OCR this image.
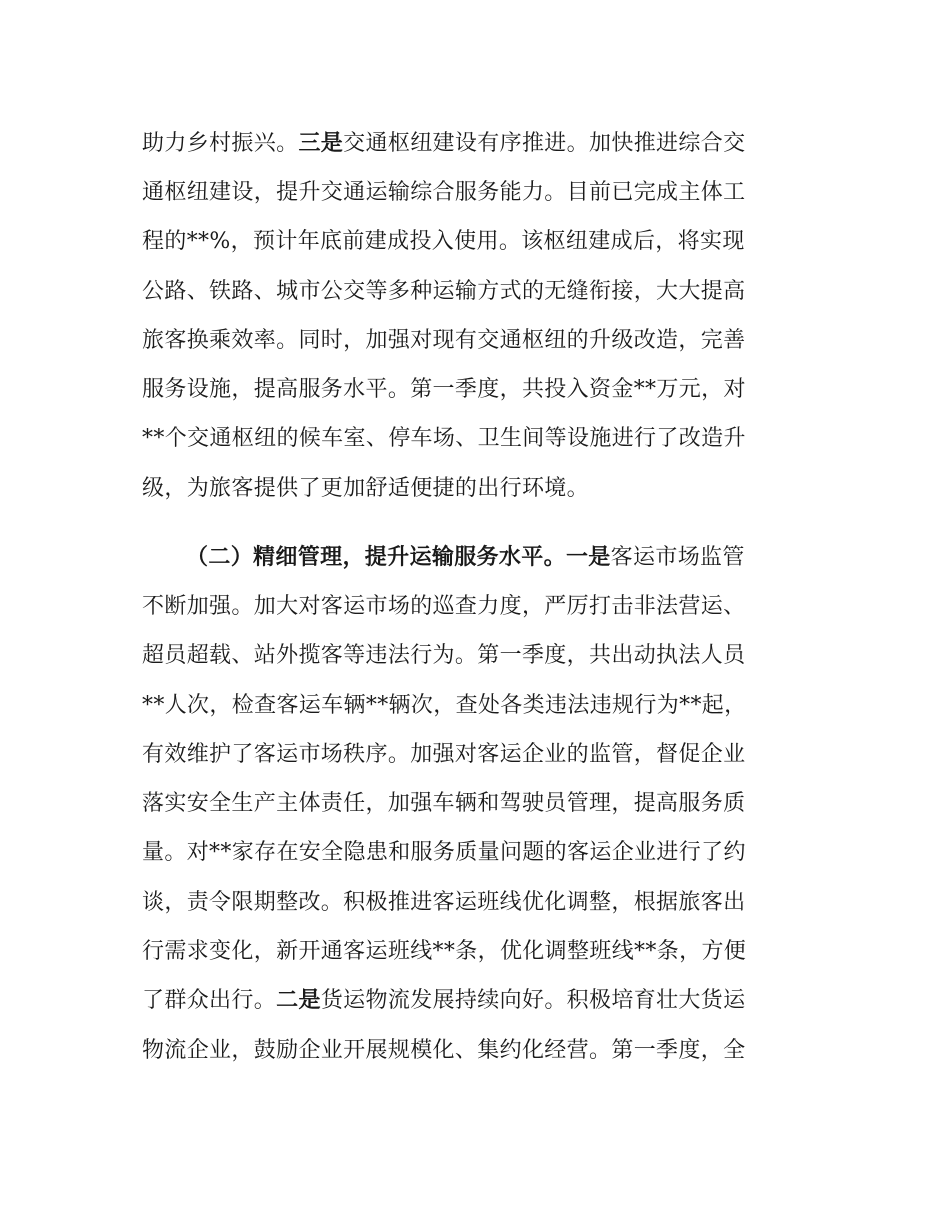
助力乡村振兴。三是交通枢纽建设有序推进。加快推进综合交
通枢纽建设，提升交通运输综合服务能力。目前已完成主体工
程的**%，预计年底前建成投入使用。该枢纽建成后，将实现
公路、铁路、城市公交等多种运输方式的无缝衔接，大大提高
旅客换乘效率。同时，加强对现有交通枢纽的升级改造，完善
服务设施，提高服务水平。第一季度，共投入资金**万元，对
**个交通枢纽的候车室、停车场、卫生间等设施进行了改造升
级，为旅客提供了更加舒适便捷的出行环境。
（二）精细管理，提升运输服务水平。一是客运市场监管
不断加强。加大对客运市场的巡查力度，严厉打击非法营运、
超员超载、站外揽客等违法行为。第一季度，共出动执法人员
**人次，检查客运车辆**辆次，查处各类违法违规行为**起，
有效维护了客运市场秩序。加强对客运企业的监管，督促企业
落实安全生产主体责任，加强车辆和驾驶员管理，提高服务质
量。对**家存在安全隐患和服务质量问题的客运企业进行了约
谈，责令限期整改。积极推进客运班线优化调整，根据旅客出
行需求变化，新开通客运班线**条，优化调整班线**条，方便
了群众出行。二是货运物流发展持续向好。积极培育壮大货运
物流企业，鼓励企业开展规模化、集约化经营。第一季度，全
